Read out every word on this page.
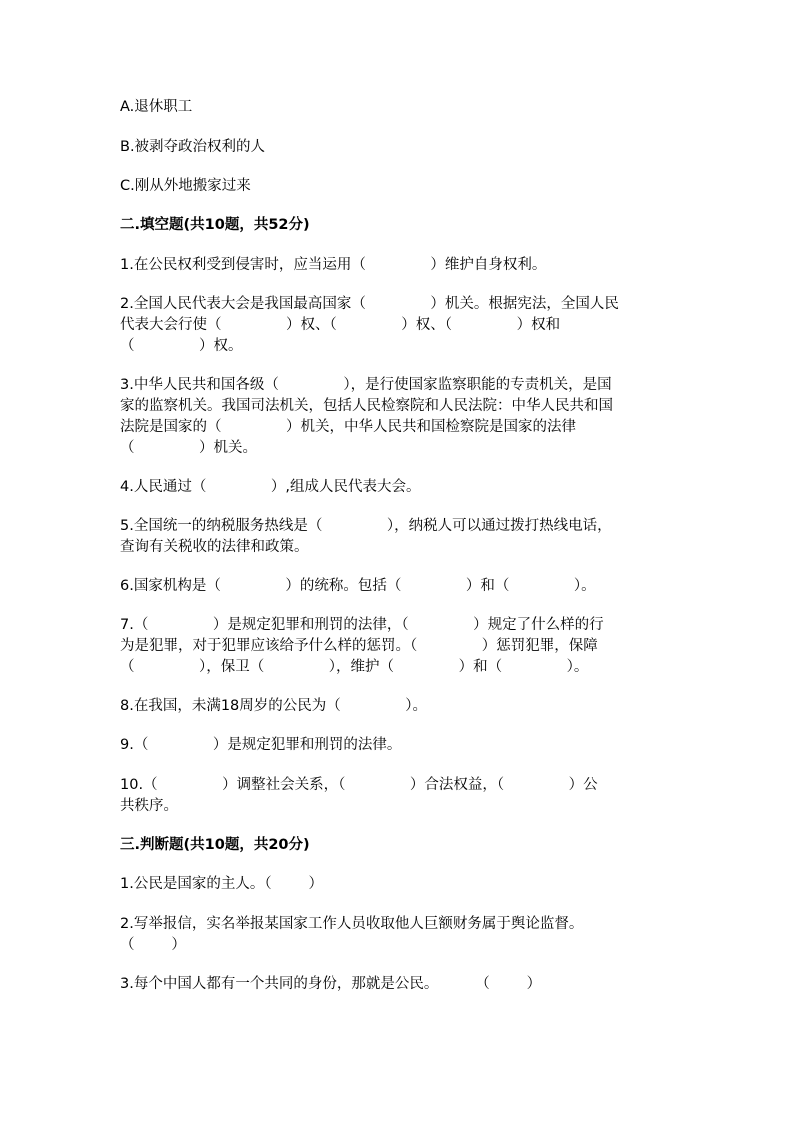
A.退休职工

B.被剥夺政治权利的人

C.刚从外地搬家过来

二.填空题(共10题，共52分)

1.在公民权利受到侵害时，应当运用（              ）维护自身权利。

2.全国人民代表大会是我国最高国家（              ）机关。根据宪法，全国人民

代表大会行使（              ）权、（              ）权、（              ）权和

（              ）权。

3.中华人民共和国各级（              ），是行使国家监察职能的专责机关，是国

家的监察机关。我国司法机关，包括人民检察院和人民法院：中华人民共和国

法院是国家的（              ）机关，中华人民共和国检察院是国家的法律

（              ）机关。

4.人民通过（              ）,组成人民代表大会。

5.全国统一的纳税服务热线是（              ），纳税人可以通过拨打热线电话，

查询有关税收的法律和政策。

6.国家机构是（              ）的统称。包括（              ）和（              ）。

7.（              ）是规定犯罪和刑罚的法律，（              ）规定了什么样的行

为是犯罪，对于犯罪应该给予什么样的惩罚。（              ）惩罚犯罪，保障

（              ），保卫（              ），维护（              ）和（              ）。

8.在我国，未满18周岁的公民为（              ）。

9.（              ）是规定犯罪和刑罚的法律。

10.（              ）调整社会关系，（              ）合法权益，（              ）公

共秩序。

三.判断题(共10题，共20分)

1.公民是国家的主人。（        ）

2.写举报信，实名举报某国家工作人员收取他人巨额财务属于舆论监督。

（        ）

3.每个中国人都有一个共同的身份，那就是公民。        （        ）
